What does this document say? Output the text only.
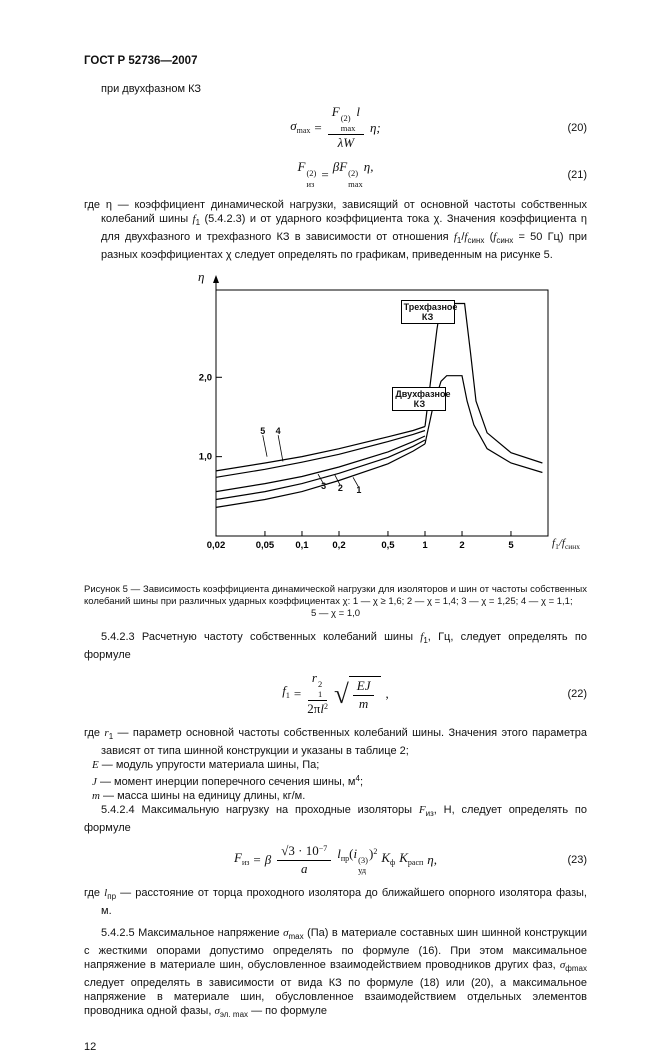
ГОСТ Р 52736—2007

при двухфазном КЗ

$\sigma_{max} = F$ (2)
max
l
λW η;	(20)
F (2)
из
= βF (2)
max
η,
(21)

где η — коэффициент динамической нагрузки, зависящий от основной частоты собственных колебаний шины $f_1$ (5.4.2.3) и от ударного коэффициента тока χ. Значения коэффициента η для двухфазного и трехфазного КЗ в зависимости от отношения $f_1/f_{синх}$ ($f_{синх} = 50$ Гц) при разных коэффициентах χ следует определять по графикам, приведенным на рисунке 5.

η
0,02	0,05 0,1	0,2	0,5	1	2	5
1,0
2,0
Трехфазное КЗ
Двухфазное КЗ
5 4
3 2 1
$f_1/f_{синх}$
Рисунок 5 — Зависимость коэффициента динамической нагрузки для изоляторов и шин от частоты собственных колебаний шины при различных ударных коэффициентах χ: 1 — χ ≥ 1,6; 2 — χ = 1,4; 3 — χ = 1,25; 4 — χ = 1,1;
5 — χ = 1,0

5.4.2.3 Расчетную частоту собственных колебаний шины $f_1$, Гц, следует определять по формуле

$f_1 = r$ 2
1
$2\pi l^2$ √ $\frac{EJ}{m}$ ,	(22)

где $r_1$ — параметр основной частоты собственных колебаний шины. Значения этого параметра зависят от типа шинной конструкции и указаны в таблице 2;

E — модуль упругости материала шины, Па;

J — момент инерции поперечного сечения шины, $м^4$;

m — масса шины на единицу длины, кг/м.

5.4.2.4 Максимальную нагрузку на проходные изоляторы $F_{из}$, Н, следует определять по формуле

$F_{из} = \beta \frac{√3 \cdot 10^{-7}}{a} l_{пр}(i$ (3)
уд
)$^2$ $K_ф$ $K_{расп}$ η,	(23)

где $l_{пр}$ — расстояние от торца проходного изолятора до ближайшего опорного изолятора фазы, м.

5.4.2.5 Максимальное напряжение $\sigma_{max}$ (Па) в материале составных шин шинной конструкции с жесткими опорами допустимо определять по формуле (16). При этом максимальное напряжение в материале шин, обусловленное взаимодействием проводников других фаз, $\sigma_{фmax}$ следует определять в зависимости от вида КЗ по формуле (18) или (20), а максимальное напряжение в материале шин, обусловленное взаимодействием отдельных элементов проводника одной фазы, $\sigma_{эл. max}$ — по формуле

12
